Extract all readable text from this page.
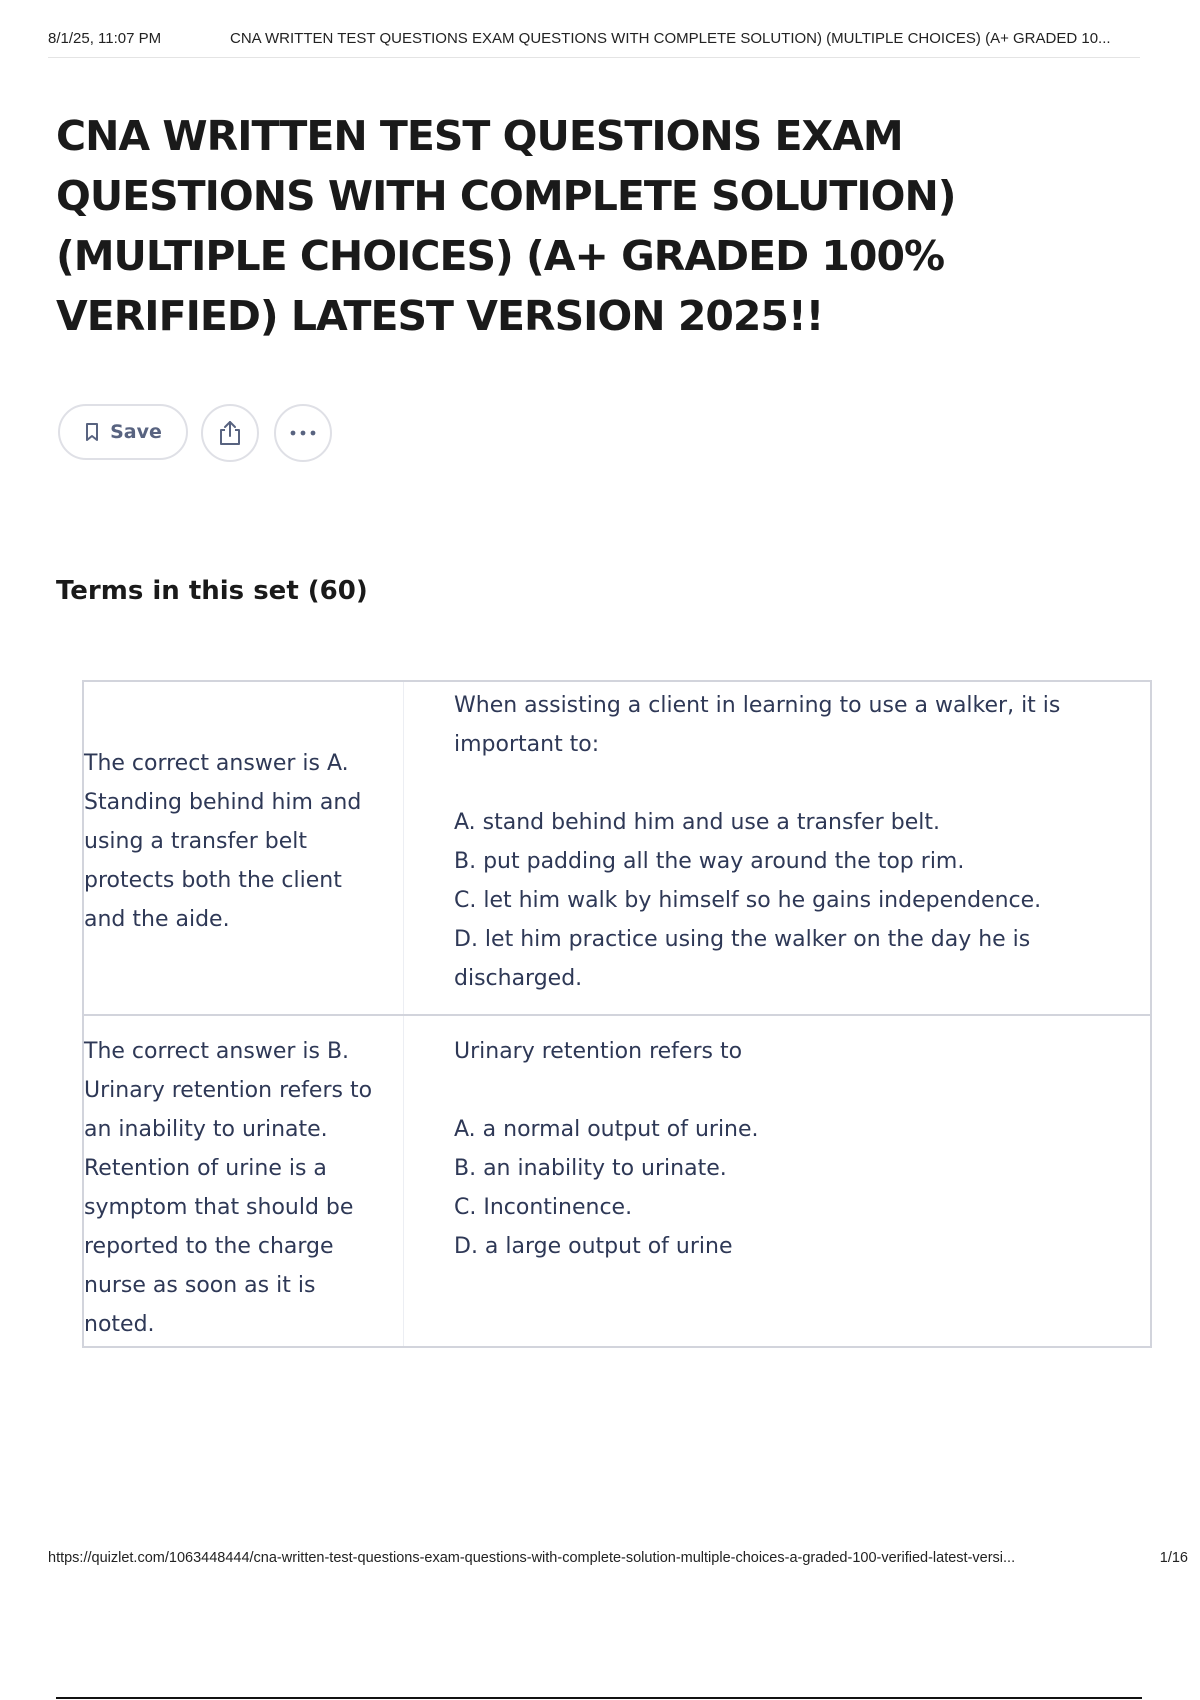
8/1/25, 11:07 PM	CNA WRITTEN TEST QUESTIONS EXAM QUESTIONS WITH COMPLETE SOLUTION) (MULTIPLE CHOICES) (A+ GRADED 10...
CNA WRITTEN TEST QUESTIONS EXAM QUESTIONS WITH COMPLETE SOLUTION) (MULTIPLE CHOICES) (A+ GRADED 100% VERIFIED) LATEST VERSION 2025!!
Save
Terms in this set (60)
The correct answer is A. Standing behind him and using a transfer belt protects both the client and the aide.

When assisting a client in learning to use a walker, it is important to:

A. stand behind him and use a transfer belt.
B. put padding all the way around the top rim.
C. let him walk by himself so he gains independence.
D. let him practice using the walker on the day he is discharged.
The correct answer is B. Urinary retention refers to an inability to urinate. Retention of urine is a symptom that should be reported to the charge nurse as soon as it is noted.

Urinary retention refers to

A. a normal output of urine.
B. an inability to urinate.
C. Incontinence.
D. a large output of urine
https://quizlet.com/1063448444/cna-written-test-questions-exam-questions-with-complete-solution-multiple-choices-a-graded-100-verified-latest-versi...	1/16
